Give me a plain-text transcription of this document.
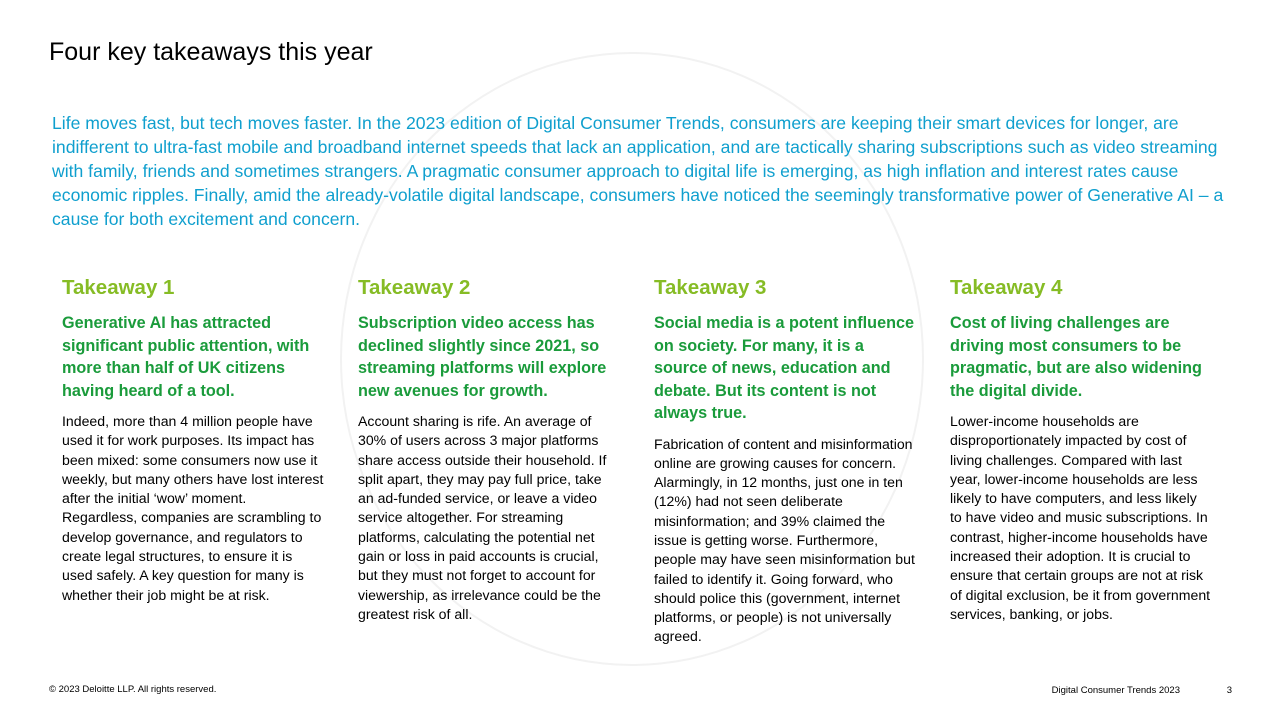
Four key takeaways this year

Life moves fast, but tech moves faster. In the 2023 edition of Digital Consumer Trends, consumers are keeping their smart devices for longer, are indifferent to ultra-fast mobile and broadband internet speeds that lack an application, and are tactically sharing subscriptions such as video streaming with family, friends and sometimes strangers. A pragmatic consumer approach to digital life is emerging, as high inflation and interest rates cause economic ripples. Finally, amid the already-volatile digital landscape, consumers have noticed the seemingly transformative power of Generative AI – a cause for both excitement and concern.

Takeaway 1
Generative AI has attracted significant public attention, with more than half of UK citizens having heard of a tool.

Indeed, more than 4 million people have used it for work purposes. Its impact has been mixed: some consumers now use it weekly, but many others have lost interest after the initial ‘wow’ moment. Regardless, companies are scrambling to develop governance, and regulators to create legal structures, to ensure it is used safely. A key question for many is whether their job might be at risk.

Takeaway 2
Subscription video access has declined slightly since 2021, so streaming platforms will explore new avenues for growth.

Account sharing is rife. An average of 30% of users across 3 major platforms share access outside their household. If split apart, they may pay full price, take an ad-funded service, or leave a video service altogether. For streaming platforms, calculating the potential net gain or loss in paid accounts is crucial, but they must not forget to account for viewership, as irrelevance could be the greatest risk of all.

Takeaway 3
Social media is a potent influence on society. For many, it is a source of news, education and debate. But its content is not always true.

Fabrication of content and misinformation online are growing causes for concern. Alarmingly, in 12 months, just one in ten (12%) had not seen deliberate misinformation; and 39% claimed the issue is getting worse. Furthermore, people may have seen misinformation but failed to identify it. Going forward, who should police this (government, internet platforms, or people) is not universally agreed.

Takeaway 4
Cost of living challenges are driving most consumers to be pragmatic, but are also widening the digital divide.

Lower-income households are disproportionately impacted by cost of living challenges. Compared with last year, lower-income households are less likely to have computers, and less likely to have video and music subscriptions. In contrast, higher-income households have increased their adoption. It is crucial to ensure that certain groups are not at risk of digital exclusion, be it from government services, banking, or jobs.

© 2023 Deloitte LLP. All rights reserved.	Digital Consumer Trends 2023	3
